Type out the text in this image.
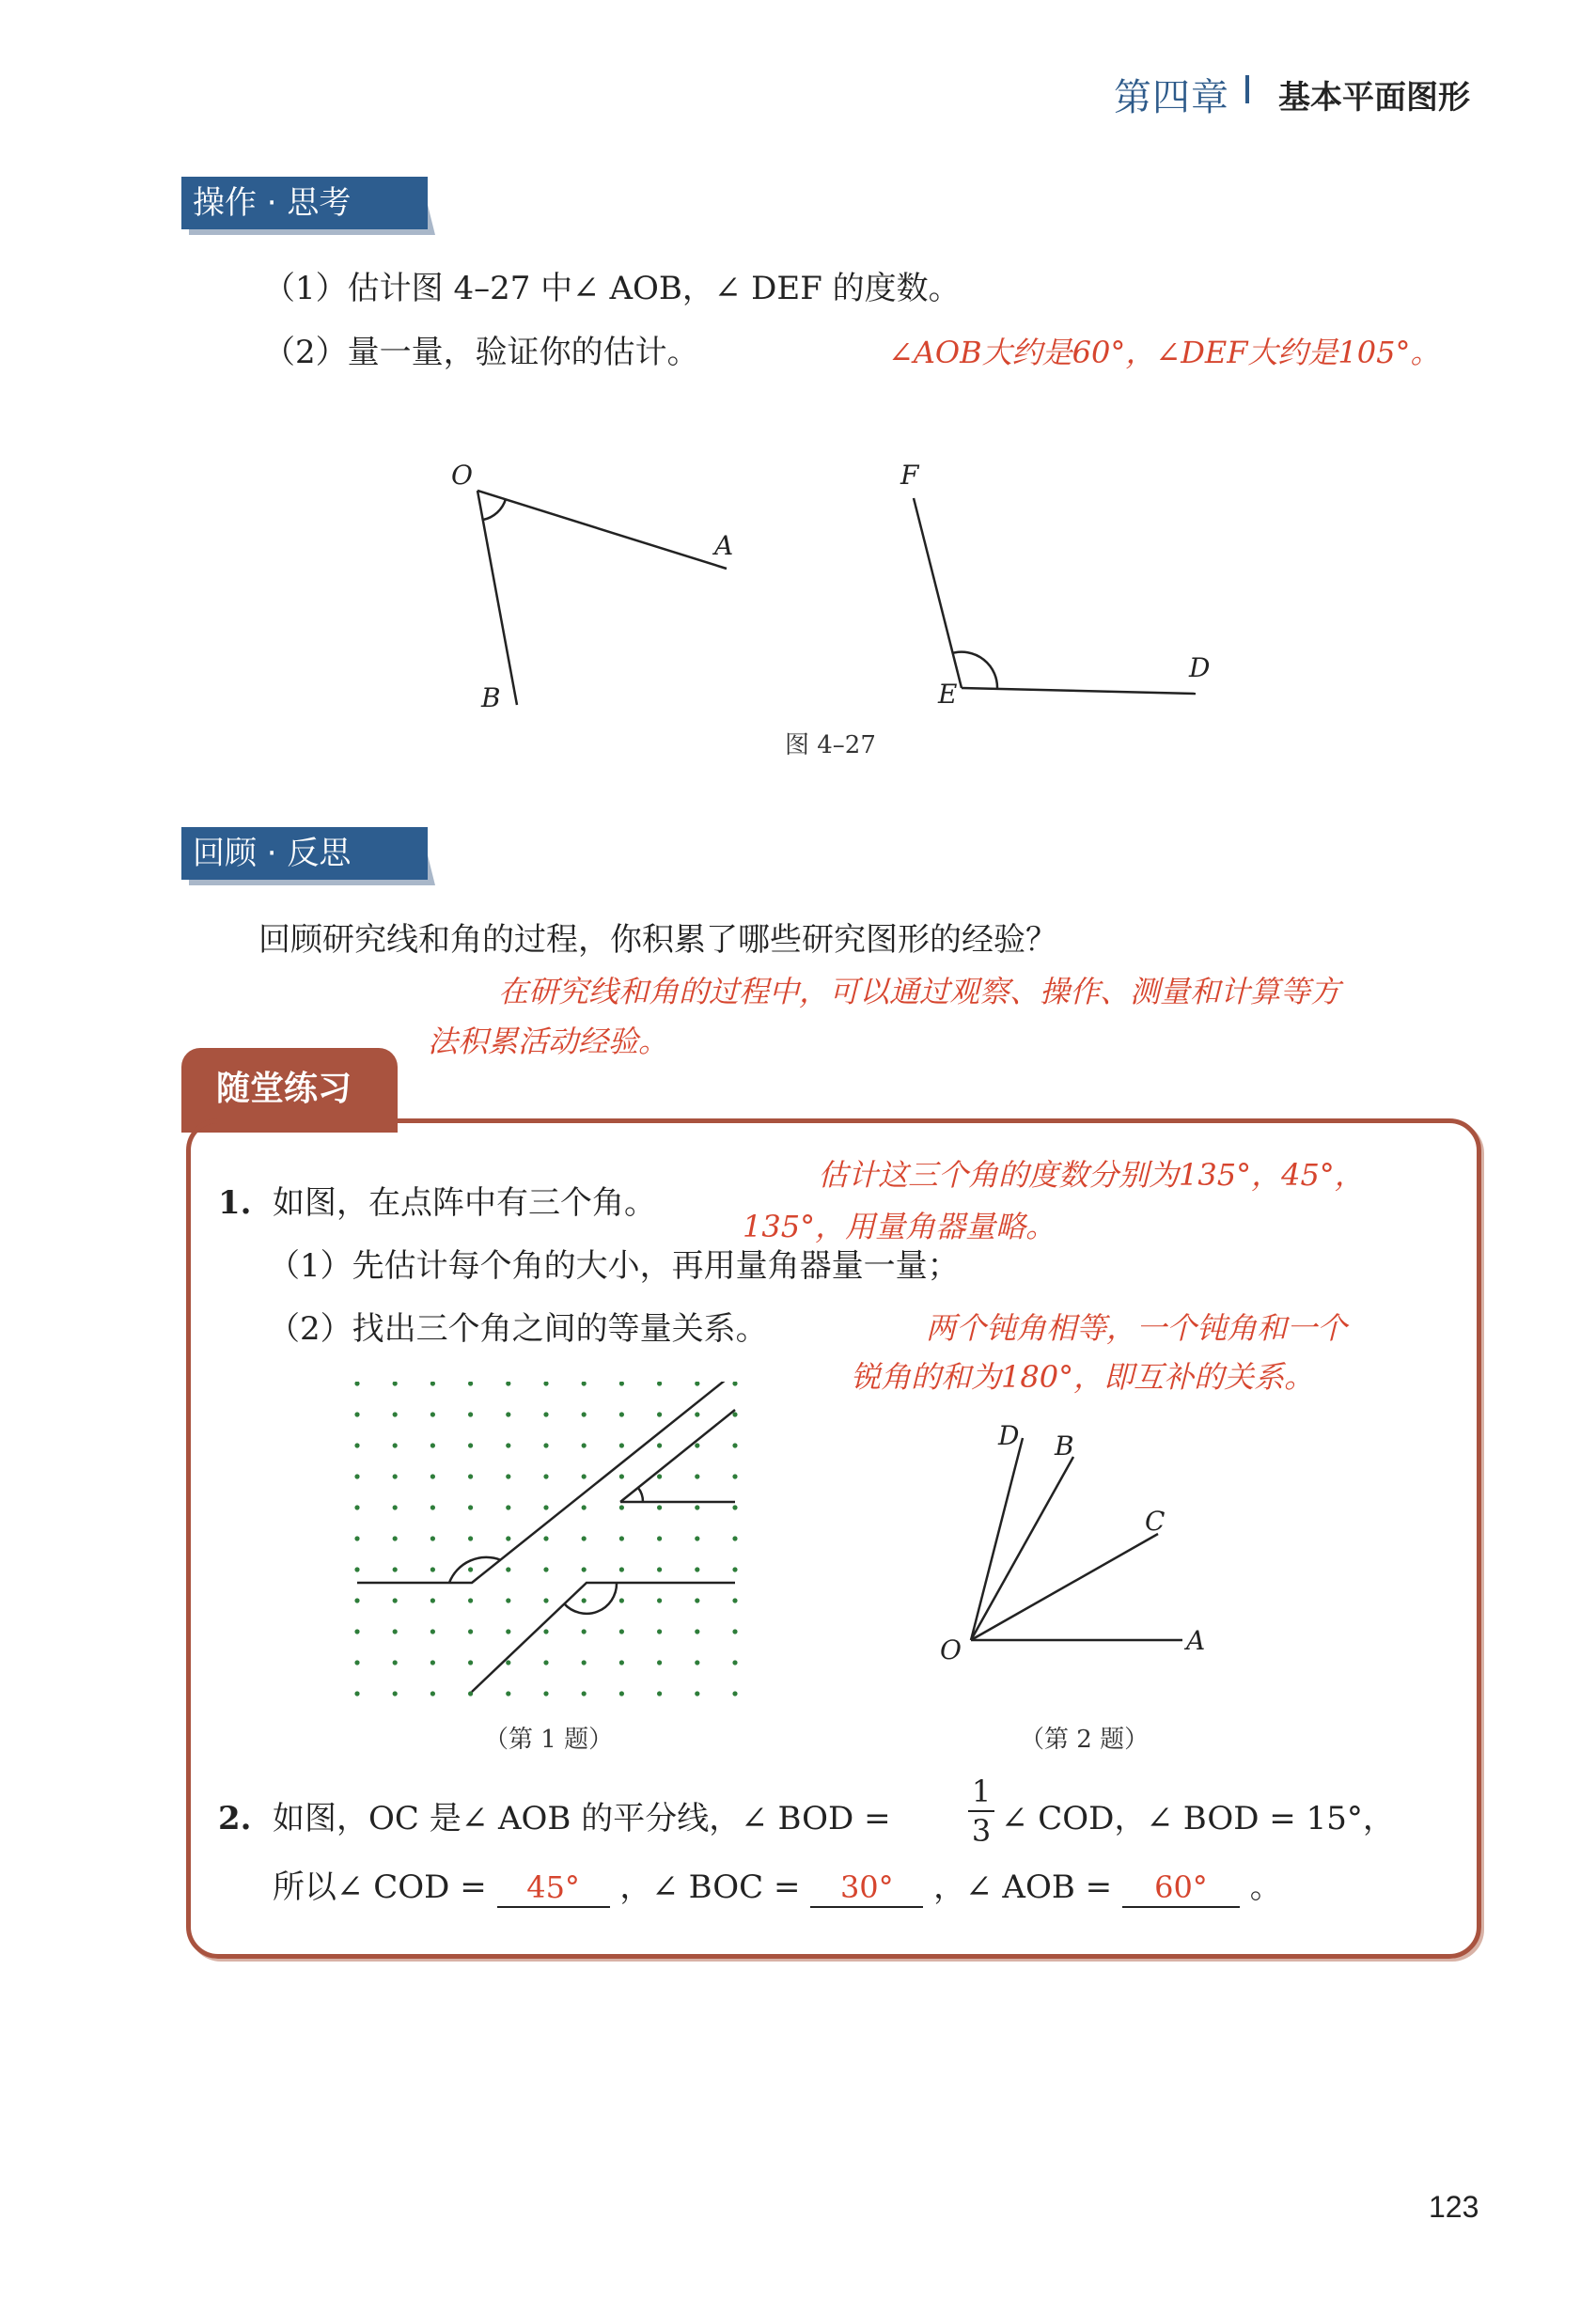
第四章 基本平面图形
操作 · 思考
（1）估计图 4–27 中∠ AOB，∠ DEF 的度数。
（2）量一量，验证你的估计。	∠AOB大约是60°，∠DEF大约是105°。
O
A
B
F
E
D
图 4–27
回顾 · 反思
回顾研究线和角的过程，你积累了哪些研究图形的经验？
在研究线和角的过程中，可以通过观察、操作、测量和计算等方
法积累活动经验。
随堂练习
1. 如图，在点阵中有三个角。
（1）先估计每个角的大小，再用量角器量一量；
（2）找出三个角之间的等量关系。
估计这三个角的度数分别为135°，45°，
135°，用量角器量略。
两个钝角相等，一个钝角和一个
锐角的和为180°，即互补的关系。
（第 1 题）
D B
C
O	A
（第 2 题）
2. 如图，OC 是∠ AOB 的平分线，∠ BOD =
1
3 ∠ COD，∠ BOD = 15°，
所以∠ COD = 45° ，∠ BOC = 30° ，∠ AOB = 60° 。
123
